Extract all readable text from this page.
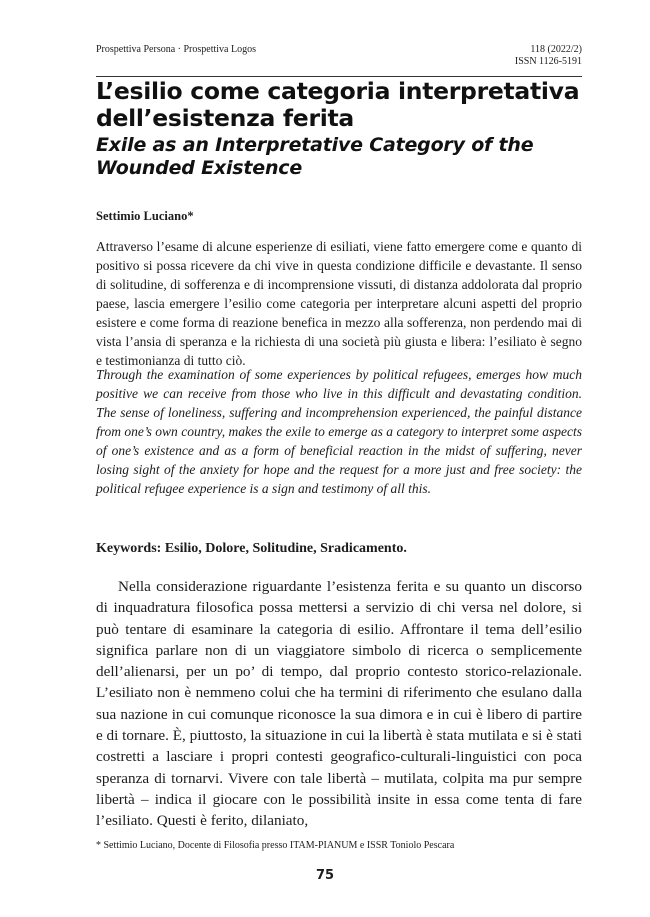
Prospettiva Persona · Prospettiva Logos	118 (2022/2)
ISSN 1126-5191
L’esilio come categoria interpretativa dell’esistenza ferita
Exile as an Interpretative Category of the Wounded Existence
Settimio Luciano*

Attraverso l’esame di alcune esperienze di esiliati, viene fatto emergere come e quanto di positivo si possa ricevere da chi vive in questa condizione difficile e devastante. Il senso di solitudine, di sofferenza e di incomprensione vissuti, di distanza addolorata dal proprio paese, lascia emergere l’esilio come categoria per interpretare alcuni aspetti del proprio esistere e come forma di reazione benefica in mezzo alla sofferenza, non perdendo mai di vista l’ansia di speranza e la richiesta di una società più giusta e libera: l’esiliato è segno e testimonianza di tutto ciò.

Through the examination of some experiences by political refugees, emerges how much positive we can receive from those who live in this difficult and devastating condition. The sense of loneliness, suffering and incomprehension experienced, the painful distance from one’s own country, makes the exile to emerge as a category to interpret some aspects of one’s existence and as a form of beneficial reaction in the midst of suffering, never losing sight of the anxiety for hope and the request for a more just and free society: the political refugee experience is a sign and testimony of all this.

Keywords: Esilio, Dolore, Solitudine, Sradicamento.

Nella considerazione riguardante l’esistenza ferita e su quanto un discorso di inquadratura filosofica possa mettersi a servizio di chi versa nel dolore, si può tentare di esaminare la categoria di esilio. Affrontare il tema dell’esilio significa parlare non di un viaggiatore simbolo di ricerca o semplicemente dell’alienarsi, per un po’ di tempo, dal proprio contesto storico-relazionale. L’esiliato non è nemmeno colui che ha termini di riferimento che esulano dalla sua nazione in cui comunque riconosce la sua dimora e in cui è libero di partire e di tornare. È, piuttosto, la situazione in cui la libertà è stata mutilata e si è stati costretti a lasciare i propri contesti geografico-culturali-linguistici con poca speranza di tornarvi. Vivere con tale libertà – mutilata, colpita ma pur sempre libertà – indica il giocare con le possibilità insite in essa come tenta di fare l’esiliato. Questi è ferito, dilaniato,

* Settimio Luciano, Docente di Filosofia presso ITAM-PIANUM e ISSR Toniolo Pescara
75
